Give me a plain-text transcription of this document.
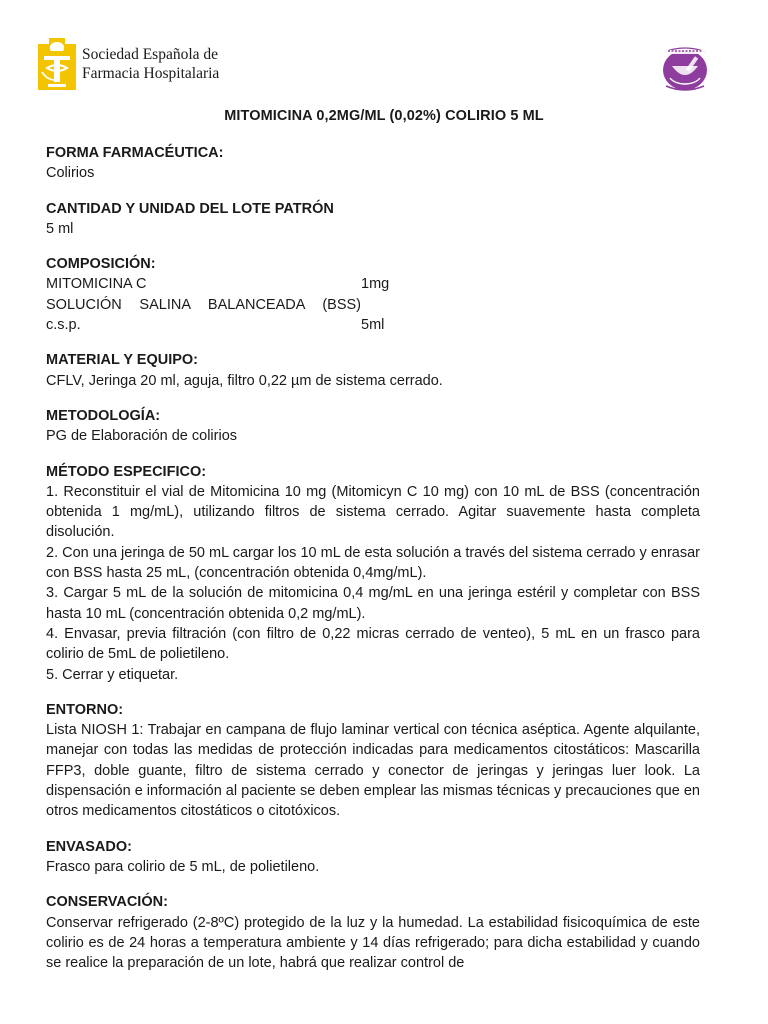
Sociedad Española de
Farmacia Hospitalaria
MITOMICINA 0,2MG/ML (0,02%) COLIRIO 5 ML
FORMA FARMACÉUTICA:
Colirios
CANTIDAD Y UNIDAD DEL LOTE PATRÓN
5 ml
COMPOSICIÓN:
MITOMICINA C	1mg
SOLUCIÓN SALINA BALANCEADA (BSS)	
c.s.p.	5ml
MATERIAL Y EQUIPO:
CFLV, Jeringa 20 ml, aguja, filtro 0,22 µm de sistema cerrado.
METODOLOGÍA:
PG de Elaboración de colirios
MÉTODO ESPECIFICO:
1. Reconstituir el vial de Mitomicina 10 mg (Mitomicyn C 10 mg) con 10 mL de BSS (concentración obtenida 1 mg/mL), utilizando filtros de sistema cerrado. Agitar suavemente hasta completa disolución.
2. Con una jeringa de 50 mL cargar los 10 mL de esta solución a través del sistema cerrado y enrasar con BSS hasta 25 mL, (concentración obtenida 0,4mg/mL).
3. Cargar 5 mL de la solución de mitomicina 0,4 mg/mL en una jeringa estéril y completar con BSS hasta 10 mL (concentración obtenida 0,2 mg/mL).
4. Envasar, previa filtración (con filtro de 0,22 micras cerrado de venteo), 5 mL en un frasco para colirio de 5mL de polietileno.
5. Cerrar y etiquetar.
ENTORNO:
Lista NIOSH 1: Trabajar en campana de flujo laminar vertical con técnica aséptica. Agente alquilante, manejar con todas las medidas de protección indicadas para medicamentos citostáticos: Mascarilla FFP3, doble guante, filtro de sistema cerrado y conector de jeringas y jeringas luer look. La dispensación e información al paciente se deben emplear las mismas técnicas y precauciones que en otros medicamentos citostáticos o citotóxicos.
ENVASADO:
Frasco para colirio de 5 mL, de polietileno.
CONSERVACIÓN:
Conservar refrigerado (2-8ºC) protegido de la luz y la humedad. La estabilidad fisicoquímica de este colirio es de 24 horas a temperatura ambiente y 14 días refrigerado; para dicha estabilidad y cuando se realice la preparación de un lote, habrá que realizar control de
